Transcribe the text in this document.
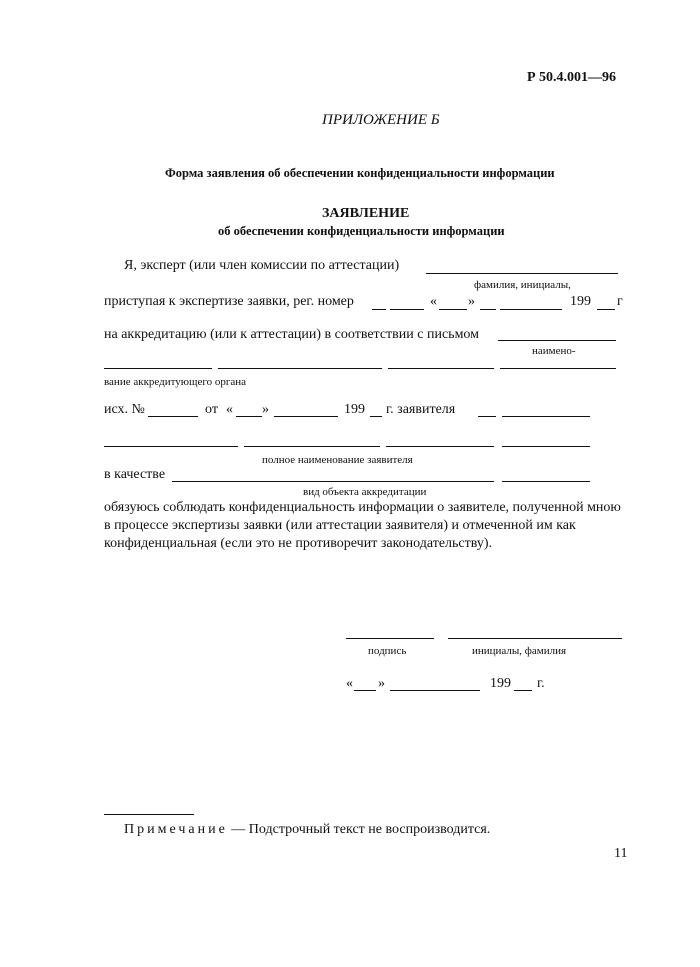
Р 50.4.001—96
ПРИЛОЖЕНИЕ Б
Форма заявления об обеспечении конфиденциальности информации
ЗАЯВЛЕНИЕ
об обеспечении конфиденциальности информации
Я, эксперт (или член комиссии по аттестации)
фамилия, инициалы,
приступая к экспертизе заявки, рег. номер	« »	199 г
на аккредитацию (или к аттестации) в соответствии с письмом
наимено-
вание аккредитующего органа
исх. №	от « »	199 г. заявителя
полное наименование заявителя
в качестве
вид объекта аккредитации
обязуюсь соблюдать конфиденциальность информации о заявителе, полученной мною
в процессе экспертизы заявки (или аттестации заявителя) и отмеченной им как
конфиденциальная (если это не противоречит законодательству).
подпись	инициалы, фамилия
« »	199 г.
Примечание — Подстрочный текст не воспроизводится.
11
